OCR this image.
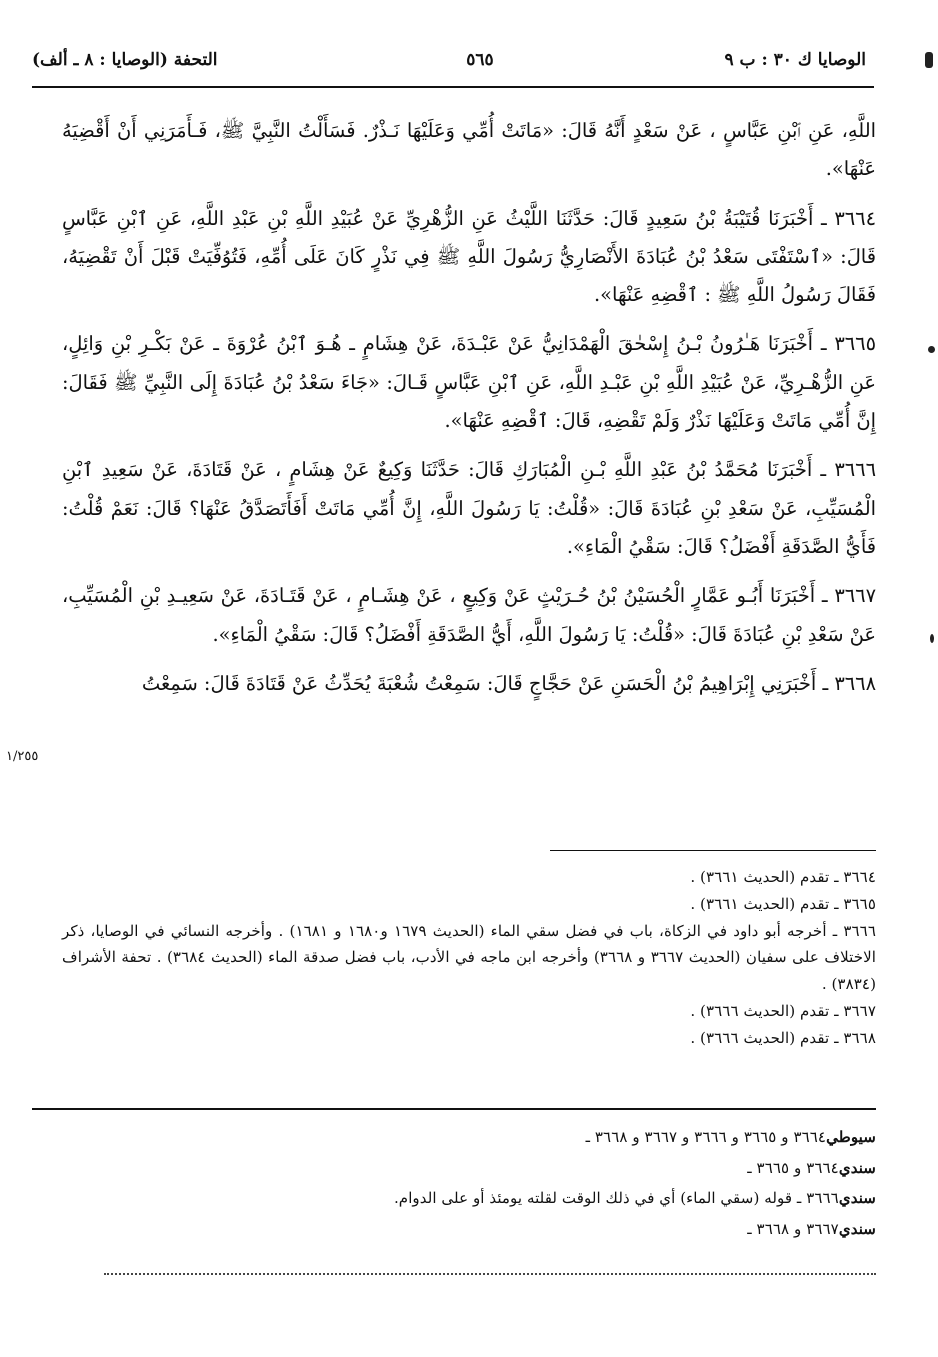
الوصايا ك ٣٠ : ب ٩
٥٦٥
التحفة (الوصايا : ٨ ـ ألف)
١/٢٥٥

اللَّهِ، عَنِ ٱبْنِ عَبَّاسٍ ، عَنْ سَعْدٍ أَنَّهُ قَالَ: «مَاتَتْ أُمِّي وَعَلَيْهَا نَـذْرٌ. فَسَأَلْتُ النَّبِيَّ ﷺ، فَـأَمَرَنِي أَنْ أَقْضِيَهُ عَنْهَا».

٣٦٦٤ ـ أَخْبَرَنَا قُتَيْبَةُ بْنُ سَعِيدٍ قَالَ: حَدَّثَنَا اللَّيْثُ عَنِ الزُّهْرِيِّ عَنْ عُبَيْدِ اللَّهِ بْنِ عَبْدِ اللَّهِ، عَنِ ٱبْنِ عَبَّاسٍ قَالَ: «ٱسْتَفْتَى سَعْدُ بْنُ عُبَادَةَ الأَنْصَارِيُّ رَسُولَ اللَّهِ ﷺ فِي نَذْرٍ كَانَ عَلَى أُمِّهِ، فَتُوُفِّيَتْ قَبْلَ أَنْ تَقْضِيَهُ، فَقَالَ رَسُولُ اللَّهِ ﷺ : ٱقْضِهِ عَنْهَا».

٣٦٦٥ ـ أَخْبَرَنَا هَـٰرُونُ بْـنُ إِسْحٰقَ الْهَمْدَانِيُّ عَنْ عَبْـدَةَ، عَنْ هِشَامٍ ـ هُـوَ ٱبْنُ عُرْوَةَ ـ عَنْ بَكْـرِ بْنِ وَائِلٍ، عَنِ الزُّهْـرِيِّ، عَنْ عُبَيْدِ اللَّهِ بْنِ عَبْـدِ اللَّهِ، عَنِ ٱبْنِ عَبَّاسٍ قَـالَ: «جَاءَ سَعْدُ بْنُ عُبَادَةَ إِلَى النَّبِيِّ ﷺ فَقَالَ: إِنَّ أُمِّي مَاتَتْ وَعَلَيْهَا نَذْرٌ وَلَمْ تَقْضِهِ، قَالَ: ٱقْضِهِ عَنْهَا».

٣٦٦٦ ـ أَخْبَرَنَا مُحَمَّدُ بْنُ عَبْدِ اللَّهِ بْـنِ الْمُبَارَكِ قَالَ: حَدَّثَنَا وَكِيعٌ عَنْ هِشَامٍ ، عَنْ قَتَادَةَ، عَنْ سَعِيدِ ٱبْنِ الْمُسَيِّبِ، عَنْ سَعْدِ بْنِ عُبَادَةَ قَالَ: «قُلْتُ: يَا رَسُولَ اللَّهِ، إِنَّ أُمِّي مَاتَتْ أَفَأَتَصَدَّقُ عَنْهَا؟ قَالَ: نَعَمْ قُلْتُ: فَأَيُّ الصَّدَقَةِ أَفْضَلُ؟ قَالَ: سَقْيُ الْمَاءِ».

٣٦٦٧ ـ أَخْبَرَنَا أَبُـو عَمَّارٍ الْحُسَيْنُ بْنُ حُـرَيْثٍ عَنْ وَكِيعٍ ، عَنْ هِشَـامٍ ، عَنْ قَتَـادَةَ، عَنْ سَعِيـدِ بْنِ الْمُسَيِّبِ، عَنْ سَعْدِ بْنِ عُبَادَةَ قَالَ: «قُلْتُ: يَا رَسُولَ اللَّهِ، أَيُّ الصَّدَقَةِ أَفْضَلُ؟ قَالَ: سَقْيُ الْمَاءِ».

٣٦٦٨ ـ أَخْبَرَنِي إِبْرَاهِيمُ بْنُ الْحَسَنِ عَنْ حَجَّاجٍ قَالَ: سَمِعْتُ شُعْبَةَ يُحَدِّثُ عَنْ قَتَادَةَ قَالَ: سَمِعْتُ

٣٦٦٤ ـ تقدم (الحديث ٣٦٦١) .
٣٦٦٥ ـ تقدم (الحديث ٣٦٦١) .
٣٦٦٦ ـ أخرجه أبو داود في الزكاة، باب في فضل سقي الماء (الحديث ١٦٧٩ و١٦٨٠ و ١٦٨١) . وأخرجه النسائي في الوصايا، ذكر الاختلاف على سفيان (الحديث ٣٦٦٧ و ٣٦٦٨) وأخرجه ابن ماجه في الأدب، باب فضل صدقة الماء (الحديث ٣٦٨٤) . تحفة الأشراف (٣٨٣٤) .
٣٦٦٧ ـ تقدم (الحديث ٣٦٦٦) .
٣٦٦٨ ـ تقدم (الحديث ٣٦٦٦) .
سيوطي٣٦٦٤ و ٣٦٦٥ و ٣٦٦٦ و ٣٦٦٧ و ٣٦٦٨ ـ
سندي٣٦٦٤ و ٣٦٦٥ ـ
سندي٣٦٦٦ ـ قوله (سقي الماء) أي في ذلك الوقت لقلته يومئذ أو على الدوام.
سندي٣٦٦٧ و ٣٦٦٨ ـ
